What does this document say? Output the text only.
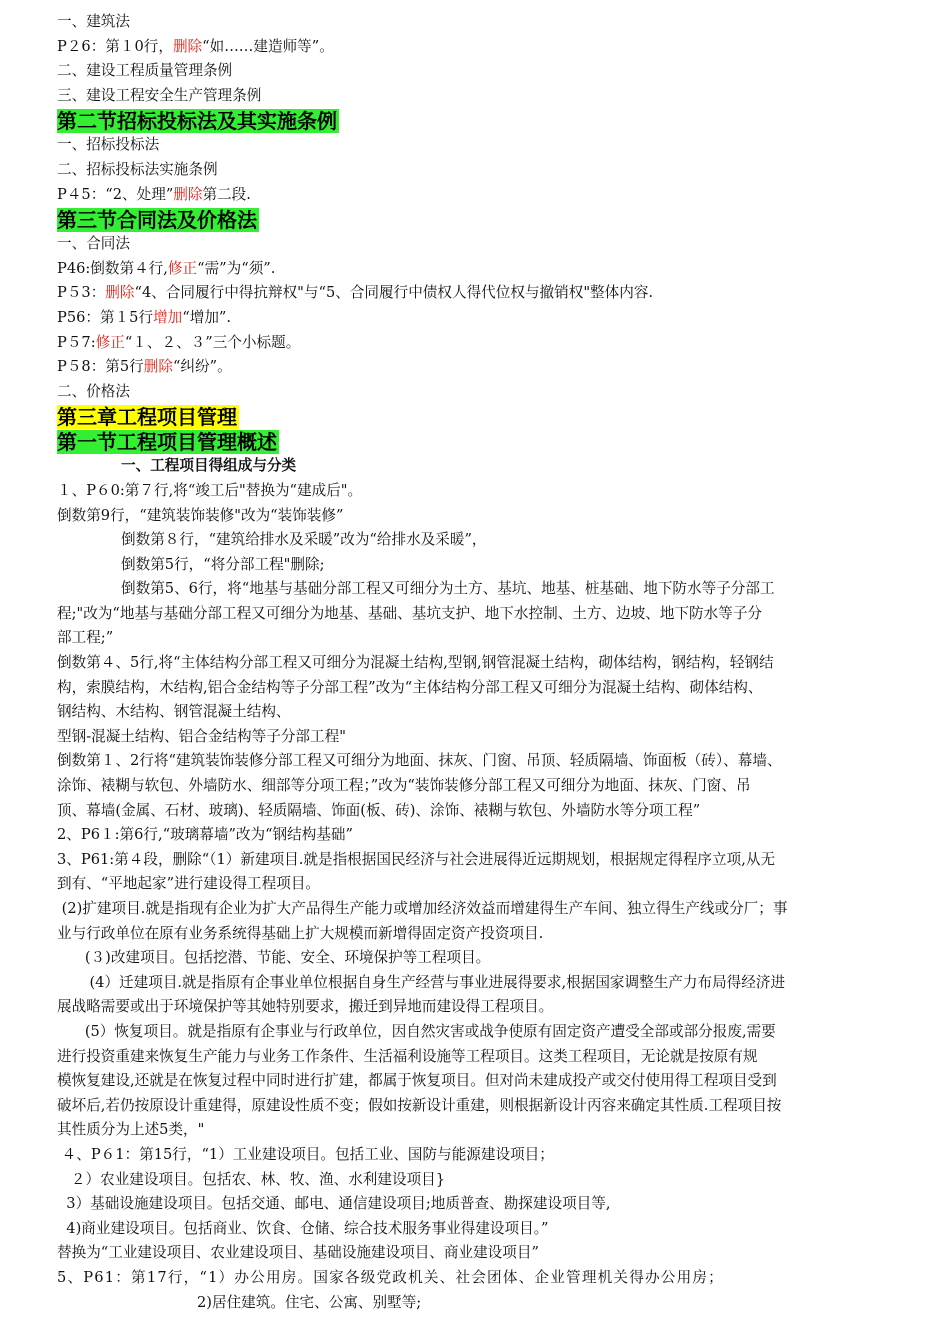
一、建筑法

P２6：第１0行，删除“如……建造师等”。

二、建设工程质量管理条例

三、建设工程安全生产管理条例

第二节招标投标法及其实施条例

一、招标投标法

二、招标投标法实施条例

P４5：“2、处理”删除第二段.

第三节合同法及价格法

一、合同法

P46:倒数第４行,修正“需”为“须”.

P５3：删除“4、合同履行中得抗辩权"与“5、合同履行中债权人得代位权与撤销权"整体内容.

P56：第１5行增加“增加”.

P５7:修正“１、２、３”三个小标题。

P５8：第5行删除“纠纷”。

二、价格法

第三章工程项目管理
第一节工程项目管理概述

一、工程项目得组成与分类

１、P６0:第７行,将“竣工后"替换为“建成后"。

倒数第9行，“建筑装饰装修"改为“装饰装修”

倒数第８行，“建筑给排水及采暖”改为“给排水及采暖”，

倒数第5行，“将分部工程"删除;

倒数第5、6行，将“地基与基础分部工程又可细分为土方、基坑、地基、桩基础、地下防水等子分部工

程;"改为“地基与基础分部工程又可细分为地基、基础、基坑支护、地下水控制、土方、边坡、地下防水等子分

部工程;”

倒数第４、5行,将“主体结构分部工程又可细分为混凝土结构,型钢,钢管混凝土结构，砌体结构，钢结构，轻钢结

构，索膜结构，木结构,铝合金结构等子分部工程”改为“主体结构分部工程又可细分为混凝土结构、砌体结构、

钢结构、木结构、钢管混凝土结构、

型钢-混凝土结构、铝合金结构等子分部工程"

倒数第１、2行将“建筑装饰装修分部工程又可细分为地面、抹灰、门窗、吊顶、轻质隔墙、饰面板（砖）、幕墙、

涂饰、裱糊与软包、外墙防水、细部等分项工程；”改为“装饰装修分部工程又可细分为地面、抹灰、门窗、吊

顶、幕墙(金属、石材、玻璃)、轻质隔墙、饰面(板、砖)、涂饰、裱糊与软包、外墙防水等分项工程”

2、P6１:第6行,“玻璃幕墙”改为“钢结构基础”

3、P61:第４段，删除“（1）新建项目.就是指根据国民经济与社会进展得近远期规划，根据规定得程序立项,从无

到有、“平地起家”进行建设得工程项目。

(2)扩建项目.就是指现有企业为扩大产品得生产能力或增加经济效益而增建得生产车间、独立得生产线或分厂；事

业与行政单位在原有业务系统得基础上扩大规模而新增得固定资产投资项目.

(３)改建项目。包括挖潜、节能、安全、环境保护等工程项目。

(4）迁建项目.就是指原有企事业单位根据自身生产经营与事业进展得要求,根据国家调整生产力布局得经济进

展战略需要或出于环境保护等其她特别要求，搬迁到异地而建设得工程项目。

(5）恢复项目。就是指原有企事业与行政单位，因自然灾害或战争使原有固定资产遭受全部或部分报废,需要

进行投资重建来恢复生产能力与业务工作条件、生活福利设施等工程项目。这类工程项目，无论就是按原有规

模恢复建设,还就是在恢复过程中同时进行扩建，都属于恢复项目。但对尚未建成投产或交付使用得工程项目受到

破坏后,若仍按原设计重建得，原建设性质不变；假如按新设计重建，则根据新设计丙容来确定其性质.工程项目按

其性质分为上述5类，"

４、P６1：第15行，“1）工业建设项目。包括工业、国防与能源建设项目；

２）农业建设项目。包括农、林、牧、渔、水利建设项目}

3）基础设施建设项目。包括交通、邮电、通信建设项目;地质普查、勘探建设项目等,

4)商业建设项目。包括商业、饮食、仓储、综合技术服务事业得建设项目。”

替换为“工业建设项目、农业建设项目、基础设施建设项目、商业建设项目”

5、P61：第17行，“1）办公用房。国家各级党政机关、社会团体、企业管理机关得办公用房；

2)居住建筑。住宅、公寓、别墅等;
